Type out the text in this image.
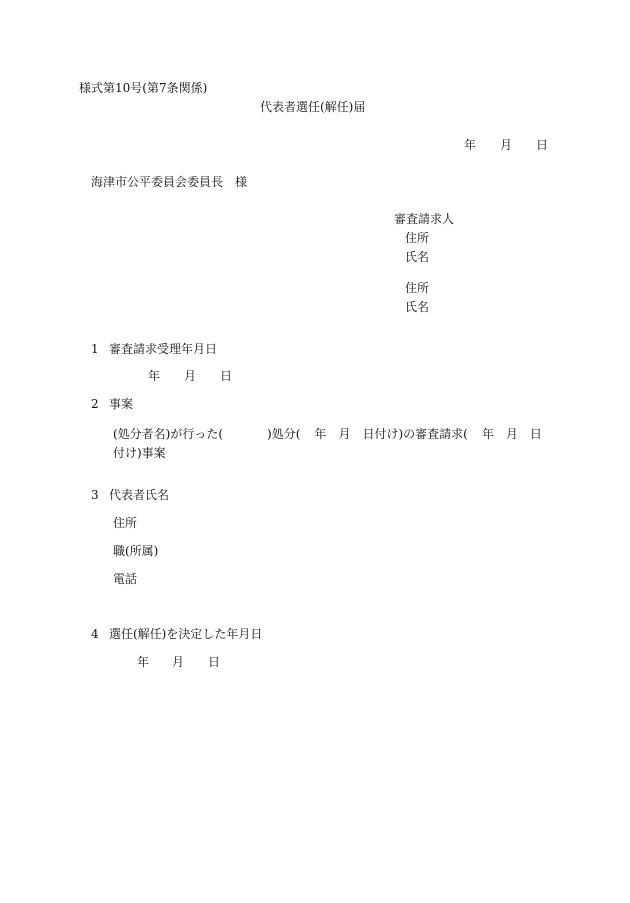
様式第10号(第7条関係)
代表者選任(解任)届
年 月 日
海津市公平委員会委員長　様
審査請求人
住所
氏名
住所
氏名
1 審査請求受理年月日
年 月 日
2 事案
(処分者名)が行った(	)処分( 年 月 日付け)の審査請求( 年 月 日
付け)事案
3 代表者氏名
住所
職(所属)
電話
4 選任(解任)を決定した年月日
年 月 日
